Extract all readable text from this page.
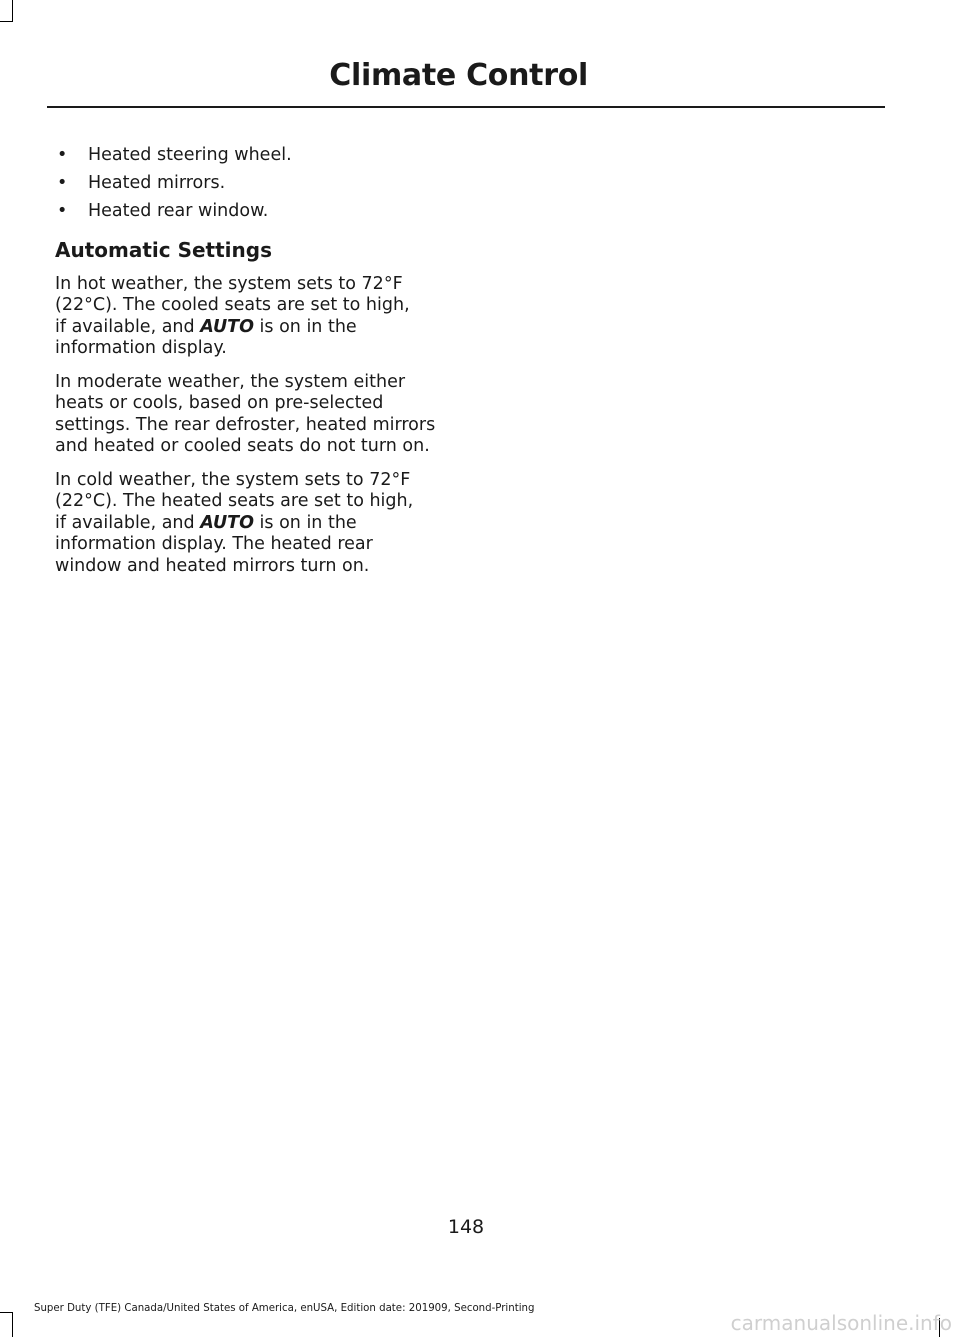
Climate Control
• Heated steering wheel.
• Heated mirrors.
• Heated rear window.
Automatic Settings

In hot weather, the system sets to 72°F
(22°C). The cooled seats are set to high,
if available, and AUTO is on in the
information display.

In moderate weather, the system either
heats or cools, based on pre-selected
settings. The rear defroster, heated mirrors
and heated or cooled seats do not turn on.

In cold weather, the system sets to 72°F
(22°C). The heated seats are set to high,
if available, and AUTO is on in the
information display. The heated rear
window and heated mirrors turn on.

148
Super Duty (TFE) Canada/United States of America, enUSA, Edition date: 201909, Second-Printing
carmanualsonline.info
